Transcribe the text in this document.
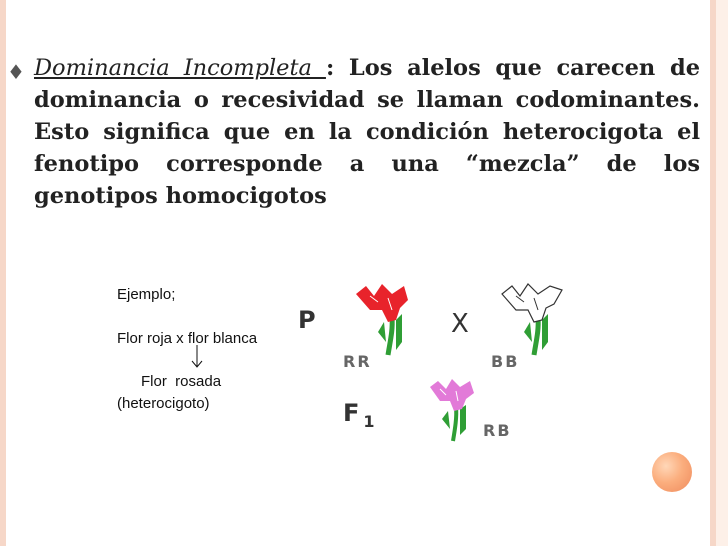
♦ Dominancia Incompleta : Los alelos que carecen de dominancia o recesividad se llaman codominantes. Esto significa que en la condición heterocigota el fenotipo corresponde a una “mezcla” de los genotipos homocigotos
Ejemplo;
Flor roja x flor blanca
Flor  rosada
(heterocigoto)
P	X
RR	BB
F $_1$	RB
